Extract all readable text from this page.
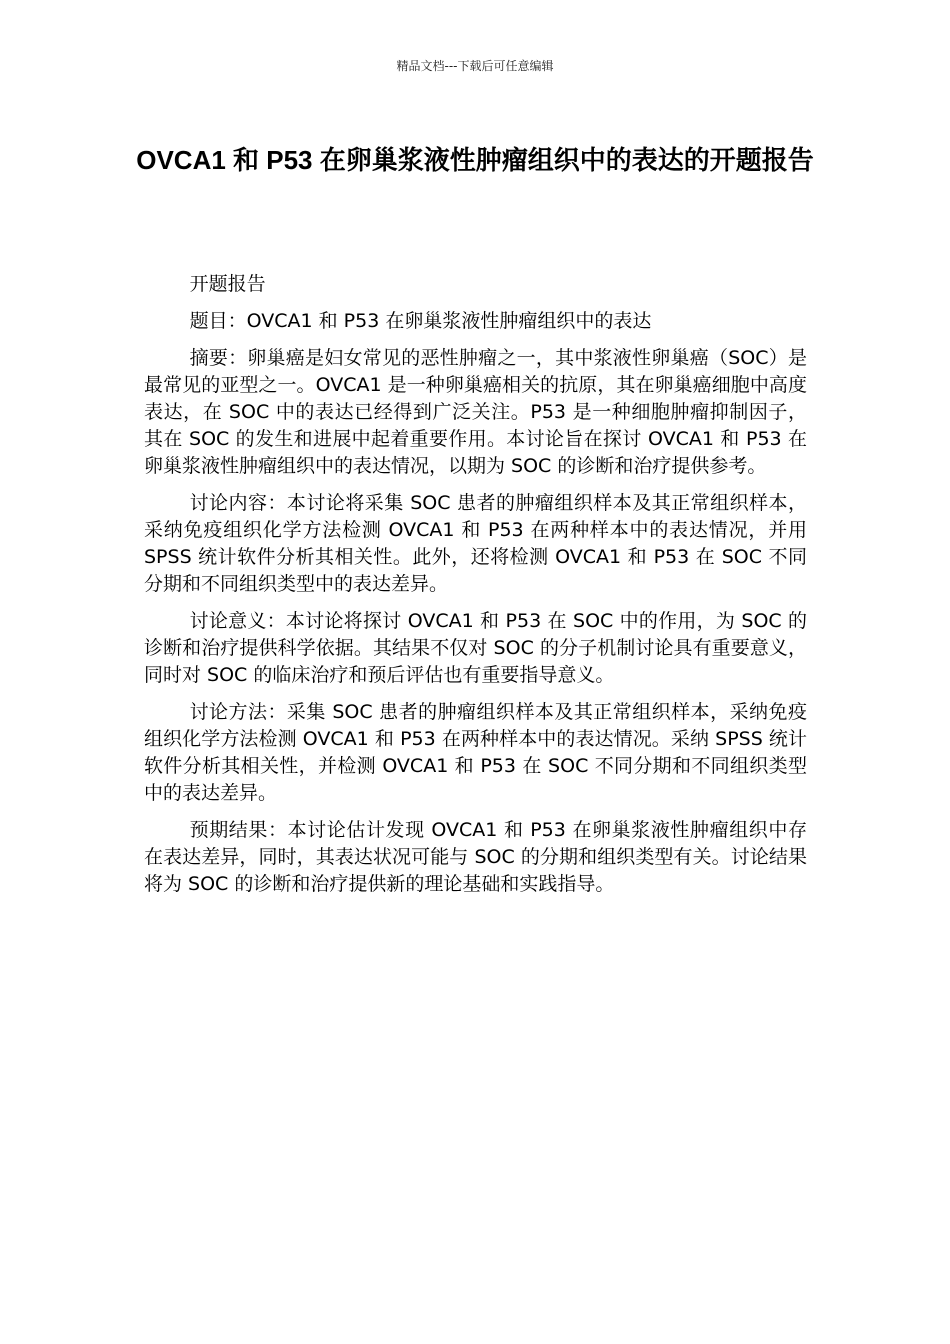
精品文档---下载后可任意编辑
OVCA1 和 P53 在卵巢浆液性肿瘤组织中的表达的开题报告

开题报告

题目：OVCA1 和 P53 在卵巢浆液性肿瘤组织中的表达

摘要：卵巢癌是妇女常见的恶性肿瘤之一，其中浆液性卵巢癌（SOC）是最常见的亚型之一。OVCA1 是一种卵巢癌相关的抗原，其在卵巢癌细胞中高度表达，在 SOC 中的表达已经得到广泛关注。P53 是一种细胞肿瘤抑制因子，其在 SOC 的发生和进展中起着重要作用。本讨论旨在探讨 OVCA1 和 P53 在卵巢浆液性肿瘤组织中的表达情况，以期为 SOC 的诊断和治疗提供参考。

讨论内容：本讨论将采集 SOC 患者的肿瘤组织样本及其正常组织样本，采纳免疫组织化学方法检测 OVCA1 和 P53 在两种样本中的表达情况，并用 SPSS 统计软件分析其相关性。此外，还将检测 OVCA1 和 P53 在 SOC 不同分期和不同组织类型中的表达差异。

讨论意义：本讨论将探讨 OVCA1 和 P53 在 SOC 中的作用，为 SOC 的诊断和治疗提供科学依据。其结果不仅对 SOC 的分子机制讨论具有重要意义，同时对 SOC 的临床治疗和预后评估也有重要指导意义。

讨论方法：采集 SOC 患者的肿瘤组织样本及其正常组织样本，采纳免疫组织化学方法检测 OVCA1 和 P53 在两种样本中的表达情况。采纳 SPSS 统计软件分析其相关性，并检测 OVCA1 和 P53 在 SOC 不同分期和不同组织类型中的表达差异。

预期结果：本讨论估计发现 OVCA1 和 P53 在卵巢浆液性肿瘤组织中存在表达差异，同时，其表达状况可能与 SOC 的分期和组织类型有关。讨论结果将为 SOC 的诊断和治疗提供新的理论基础和实践指导。
